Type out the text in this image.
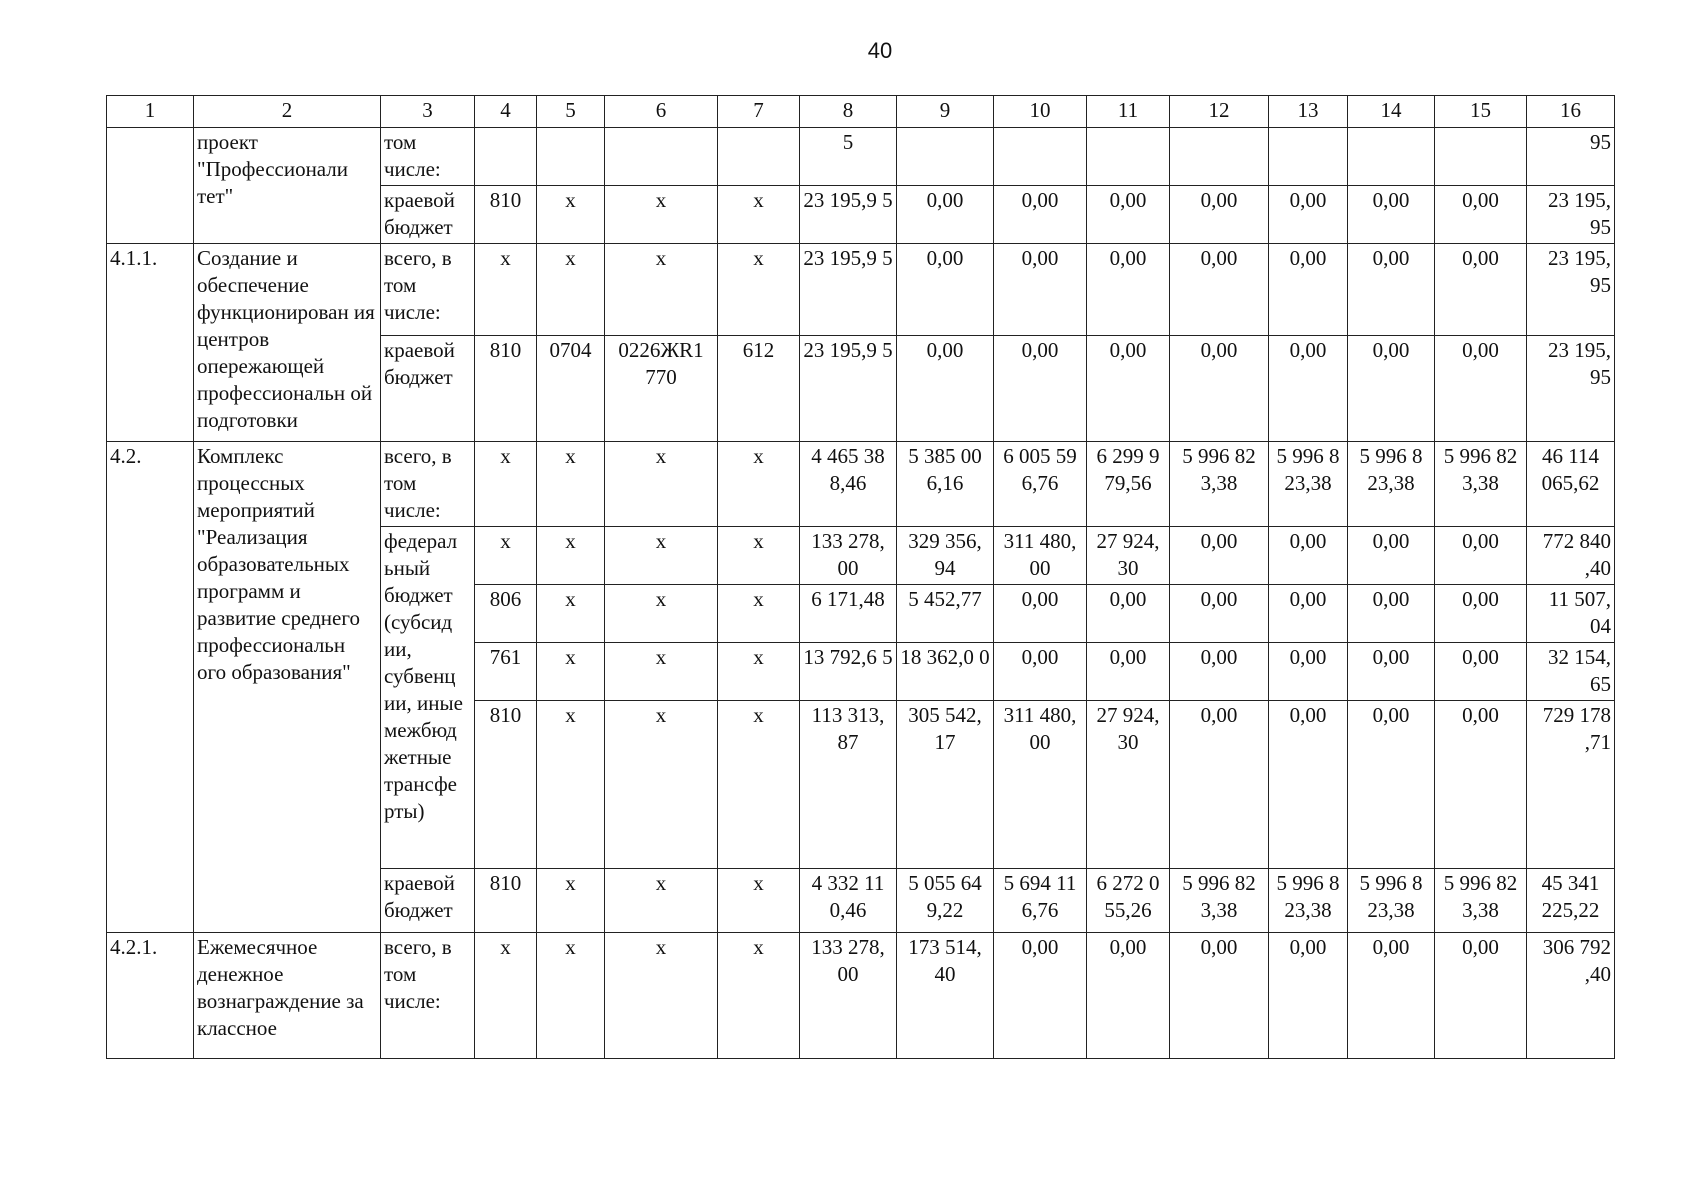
40
1	2	3	4	5	6	7	8	9	10	11	12	13	14	15	16
	проект "Профессионали тет"	том числе:					5								95
		краевой бюджет	810	х	х	х	23 195,9 5	0,00	0,00	0,00	0,00	0,00	0,00	0,00	23 195, 95
4.1.1.	Создание и обеспечение функционирован ия центров опережающей профессиональн ой подготовки	всего, в том числе:	х	х	х	х	23 195,9 5	0,00	0,00	0,00	0,00	0,00	0,00	0,00	23 195, 95
		краевой бюджет	810	0704	0226ЖR1 770	612	23 195,9 5	0,00	0,00	0,00	0,00	0,00	0,00	0,00	23 195, 95
4.2.	Комплекс процессных мероприятий "Реализация образовательных программ и развитие среднего профессиональн ого образования"	всего, в том числе:	х	х	х	х	4 465 38 8,46	5 385 00 6,16	6 005 59 6,76	6 299 9 79,56	5 996 82 3,38	5 996 8 23,38	5 996 8 23,38	5 996 82 3,38	46 114 065,62
		федерал ьный бюджет (субсид ии, субвенц ии, иные межбюд жетные трансфе рты)	х	х	х	х	133 278, 00	329 356, 94	311 480, 00	27 924, 30	0,00	0,00	0,00	0,00	772 840 ,40
			806	х	х	х	6 171,48	5 452,77	0,00	0,00	0,00	0,00	0,00	0,00	11 507, 04
			761	х	х	х	13 792,6 5	18 362,0 0	0,00	0,00	0,00	0,00	0,00	0,00	32 154, 65
			810	х	х	х	113 313, 87	305 542, 17	311 480, 00	27 924, 30	0,00	0,00	0,00	0,00	729 178 ,71
		краевой бюджет	810	х	х	х	4 332 11 0,46	5 055 64 9,22	5 694 11 6,76	6 272 0 55,26	5 996 82 3,38	5 996 8 23,38	5 996 8 23,38	5 996 82 3,38	45 341 225,22
4.2.1.	Ежемесячное денежное вознаграждение за классное	всего, в том числе:	х	х	х	х	133 278, 00	173 514, 40	0,00	0,00	0,00	0,00	0,00	0,00	306 792 ,40
